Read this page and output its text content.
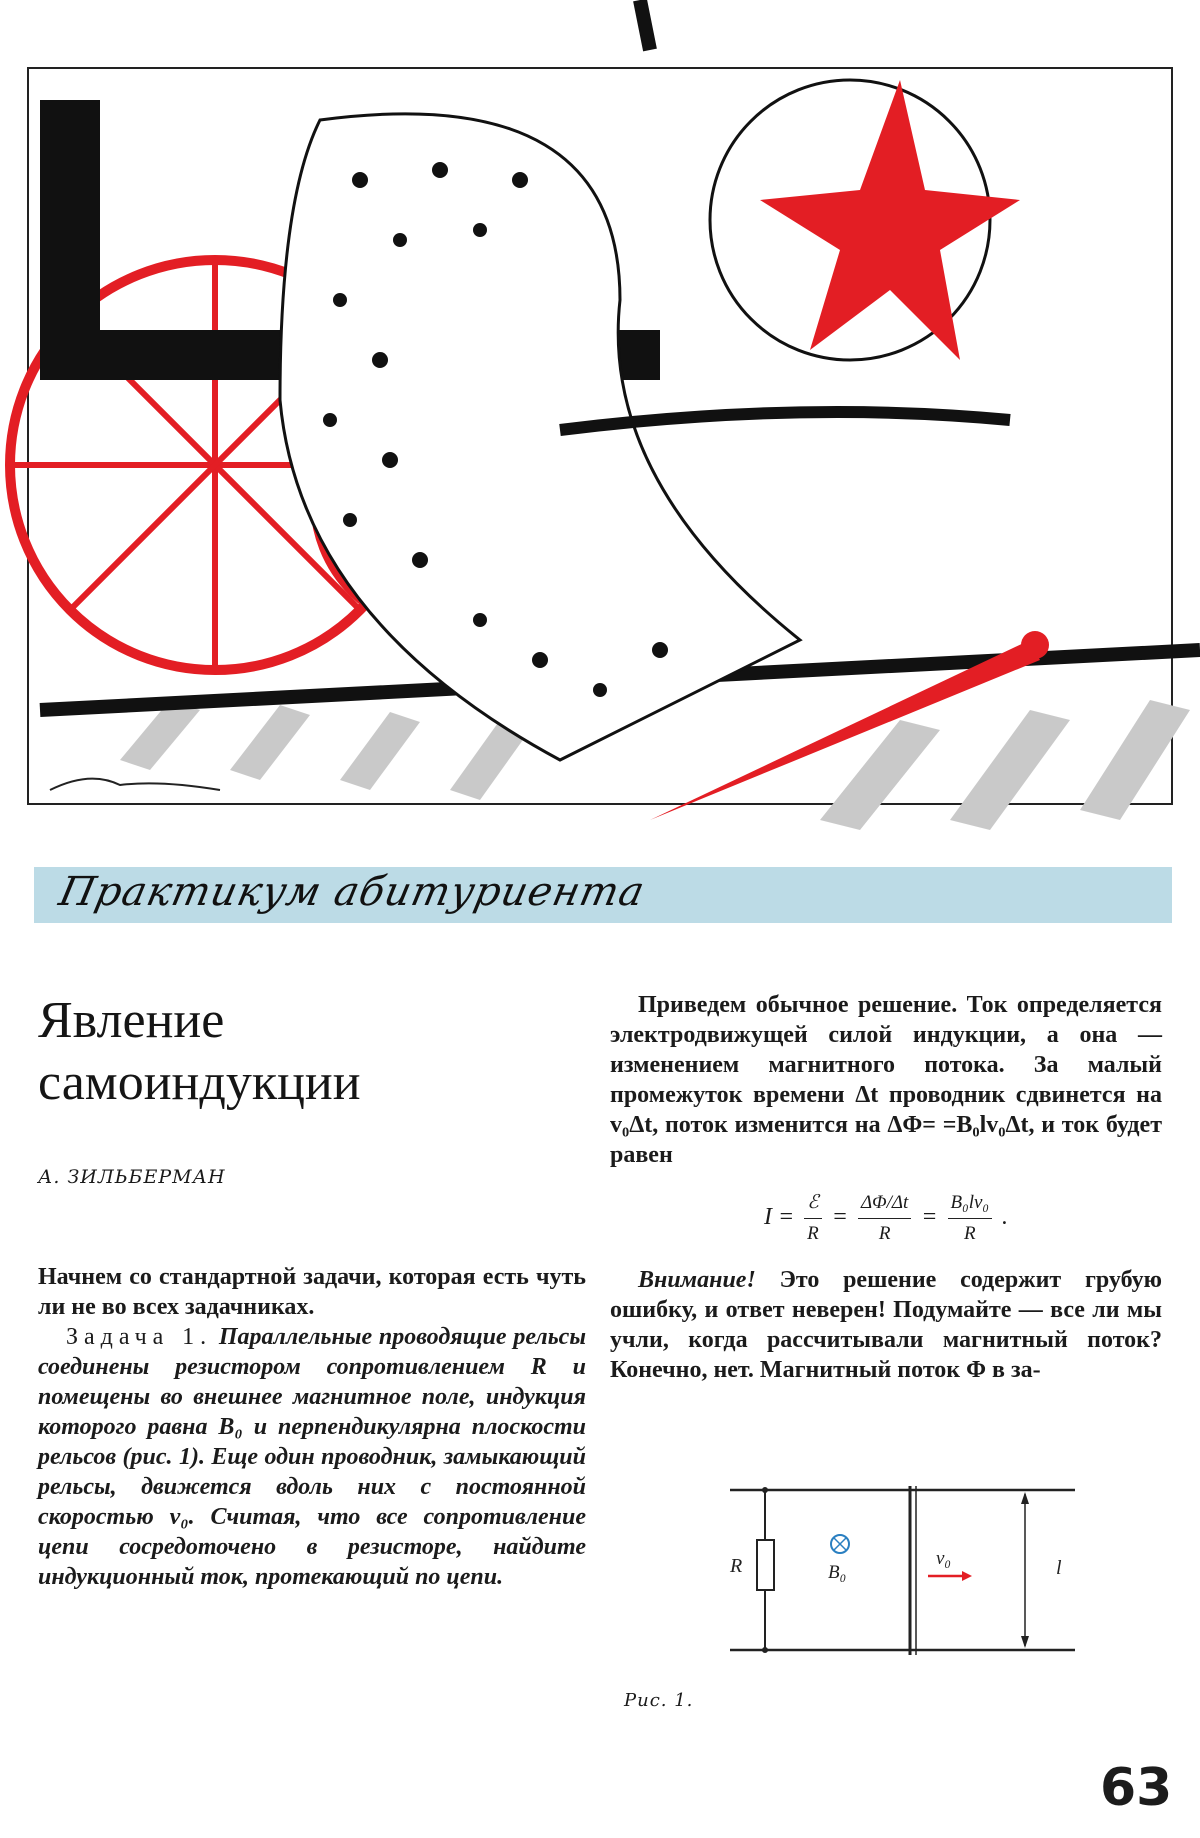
Практикум абитуриента
Явление
самоиндукции
А. ЗИЛЬБЕРМАН

Начнем со стандартной задачи, которая есть чуть ли не во всех задачниках.

Задача 1. Параллельные проводящие рельсы соединены резистором сопротивлением R и помещены во внешнее магнитное поле, индукция которого равна B₀ и перпендикулярна плоскости рельсов (рис. 1). Еще один проводник, замыкающий рельсы, движется вдоль них с постоянной скоростью v₀. Считая, что все сопротивление цепи сосредоточено в резисторе, найдите индукционный ток, протекающий по цепи.

Приведем обычное решение. Ток определяется электродвижущей силой индукции, а она — изменением магнитного потока. За малый промежуток времени Δt проводник сдвинется на v₀Δt, поток изменится на ΔΦ= =B₀lv₀Δt, и ток будет равен

$I = \frac{\text{ℰ}}{R} = \frac{\Delta\Phi/\Delta t}{R} = \frac{\text{B₀lv₀}}{R}$ .

Внимание! Это решение содержит грубую ошибку, и ответ неверен! Подумайте — все ли мы учли, когда рассчитывали магнитный поток? Конечно, нет. Магнитный поток Φ в за-

R	B₀
v₀	l
Рис. 1.
63
